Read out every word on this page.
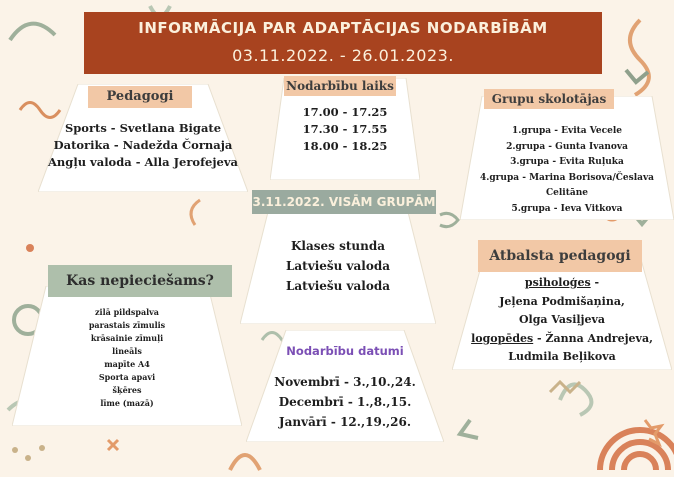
INFORMĀCIJA PAR ADAPTĀCIJAS NODARBĪBĀM
03.11.2022. - 26.01.2023.
Sports - Svetlana Bigate
Datorika - Nadežda Čornaja
Angļu valoda - Alla Jerofejeva
Pedagogi
17.00 - 17.25
17.30 - 17.55
18.00 - 18.25
Nodarbību laiks
1.grupa - Evita Vecele
2.grupa - Gunta Ivanova
3.grupa - Evita Ruļuka
4.grupa - Marina Borisova/Česlava
Celitāne
5.grupa - Ieva Vitkova
Grupu skolotājas
Klases stunda
Latviešu valoda
Latviešu valoda
3.11.2022. VISĀM GRUPĀM
zilā pildspalva
parastais zīmulis
krāsainie zīmuļi
lineāls
mapīte A4
Sporta apavi
šķēres
līme (mazā)
Kas nepieciešams?	psiholoģes -
Jeļena Podmišaņina,
Olga Vasiļjeva
logopēdes - Žanna Andrejeva,
Ludmila Beļikova
Atbalsta pedagogi
Nodarbību datumi
Novembrī - 3.,10.,24.
Decembrī - 1.,8.,15.
Janvārī - 12.,19.,26.
